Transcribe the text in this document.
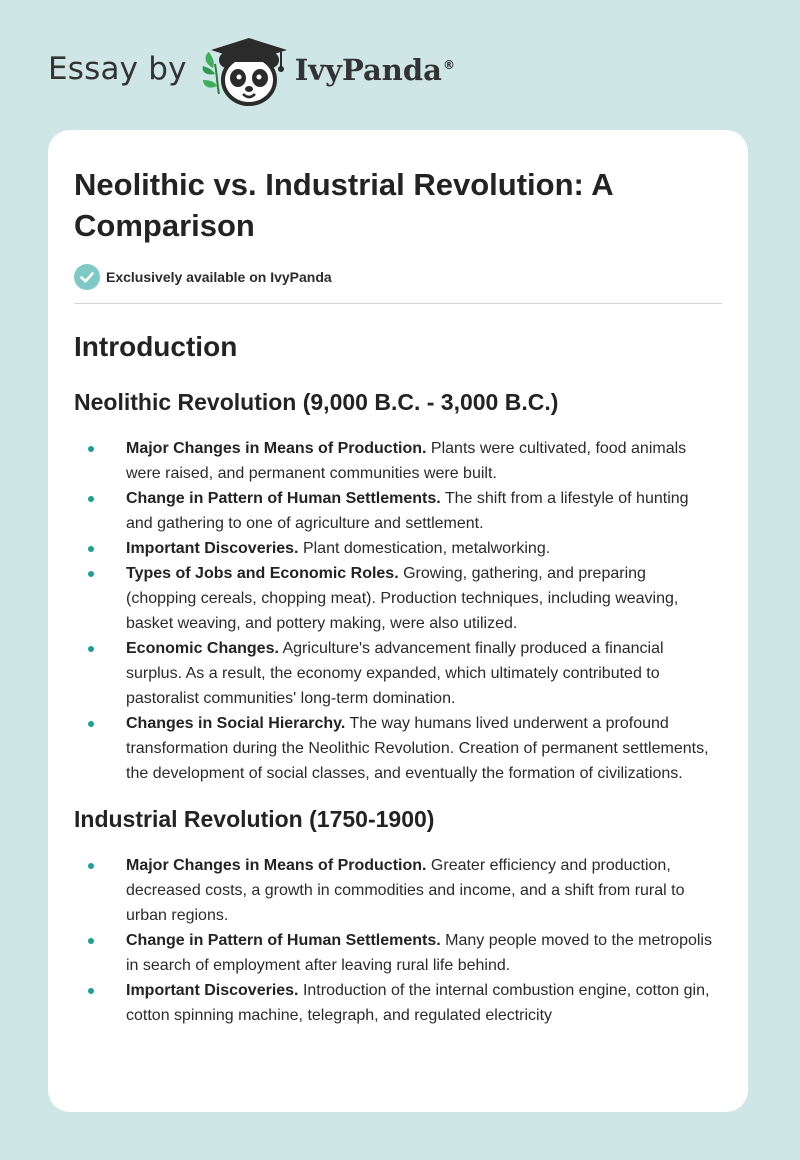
Essay by	IvyPanda®
Neolithic vs. Industrial Revolution: A Comparison
Exclusively available on IvyPanda
Introduction
Neolithic Revolution (9,000 B.C. - 3,000 B.C.)
Major Changes in Means of Production. Plants were cultivated, food animals were raised, and permanent communities were built.
Change in Pattern of Human Settlements. The shift from a lifestyle of hunting and gathering to one of agriculture and settlement.
Important Discoveries. Plant domestication, metalworking.
Types of Jobs and Economic Roles. Growing, gathering, and preparing (chopping cereals, chopping meat). Production techniques, including weaving, basket weaving, and pottery making, were also utilized.
Economic Changes. Agriculture's advancement finally produced a financial surplus. As a result, the economy expanded, which ultimately contributed to pastoralist communities' long-term domination.
Changes in Social Hierarchy. The way humans lived underwent a profound transformation during the Neolithic Revolution. Creation of permanent settlements, the development of social classes, and eventually the formation of civilizations.
Industrial Revolution (1750-1900)
Major Changes in Means of Production. Greater efficiency and production, decreased costs, a growth in commodities and income, and a shift from rural to urban regions.
Change in Pattern of Human Settlements. Many people moved to the metropolis in search of employment after leaving rural life behind.
Important Discoveries. Introduction of the internal combustion engine, cotton gin, cotton spinning machine, telegraph, and regulated electricity
